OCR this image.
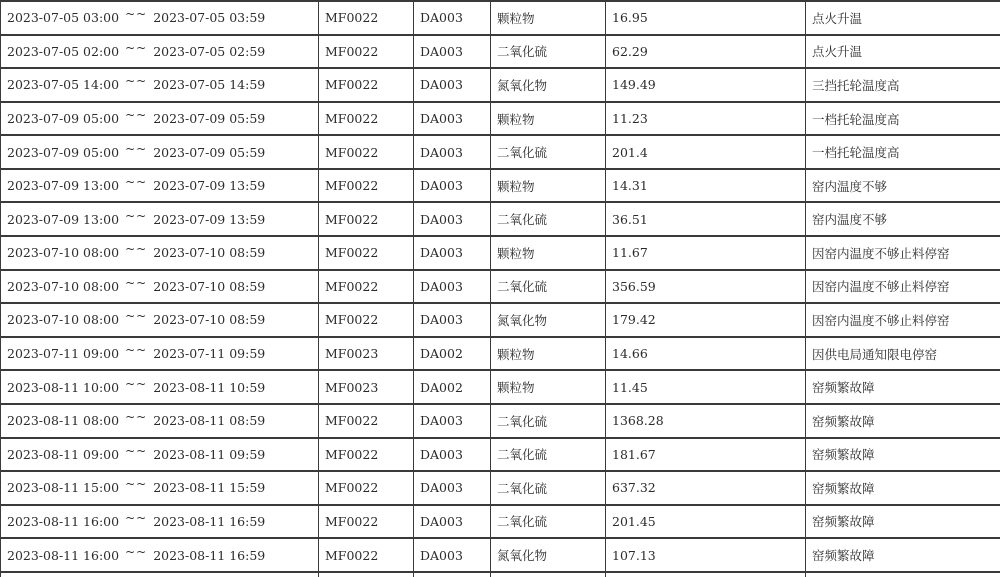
2023-07-05 03:00 ~~ 2023-07-05 03:59	MF0022	DA003	颗粒物	16.95	点火升温
2023-07-05 02:00 ~~ 2023-07-05 02:59	MF0022	DA003	二氧化硫	62.29	点火升温
2023-07-05 14:00 ~~ 2023-07-05 14:59	MF0022	DA003	氮氧化物	149.49	三挡托轮温度高
2023-07-09 05:00 ~~ 2023-07-09 05:59	MF0022	DA003	颗粒物	11.23	一档托轮温度高
2023-07-09 05:00 ~~ 2023-07-09 05:59	MF0022	DA003	二氧化硫	201.4	一档托轮温度高
2023-07-09 13:00 ~~ 2023-07-09 13:59	MF0022	DA003	颗粒物	14.31	窑内温度不够
2023-07-09 13:00 ~~ 2023-07-09 13:59	MF0022	DA003	二氧化硫	36.51	窑内温度不够
2023-07-10 08:00 ~~ 2023-07-10 08:59	MF0022	DA003	颗粒物	11.67	因窑内温度不够止料停窑
2023-07-10 08:00 ~~ 2023-07-10 08:59	MF0022	DA003	二氧化硫	356.59	因窑内温度不够止料停窑
2023-07-10 08:00 ~~ 2023-07-10 08:59	MF0022	DA003	氮氧化物	179.42	因窑内温度不够止料停窑
2023-07-11 09:00 ~~ 2023-07-11 09:59	MF0023	DA002	颗粒物	14.66	因供电局通知限电停窑
2023-08-11 10:00 ~~ 2023-08-11 10:59	MF0023	DA002	颗粒物	11.45	窑频繁故障
2023-08-11 08:00 ~~ 2023-08-11 08:59	MF0022	DA003	二氧化硫	1368.28	窑频繁故障
2023-08-11 09:00 ~~ 2023-08-11 09:59	MF0022	DA003	二氧化硫	181.67	窑频繁故障
2023-08-11 15:00 ~~ 2023-08-11 15:59	MF0022	DA003	二氧化硫	637.32	窑频繁故障
2023-08-11 16:00 ~~ 2023-08-11 16:59	MF0022	DA003	二氧化硫	201.45	窑频繁故障
2023-08-11 16:00 ~~ 2023-08-11 16:59	MF0022	DA003	氮氧化物	107.13	窑频繁故障
